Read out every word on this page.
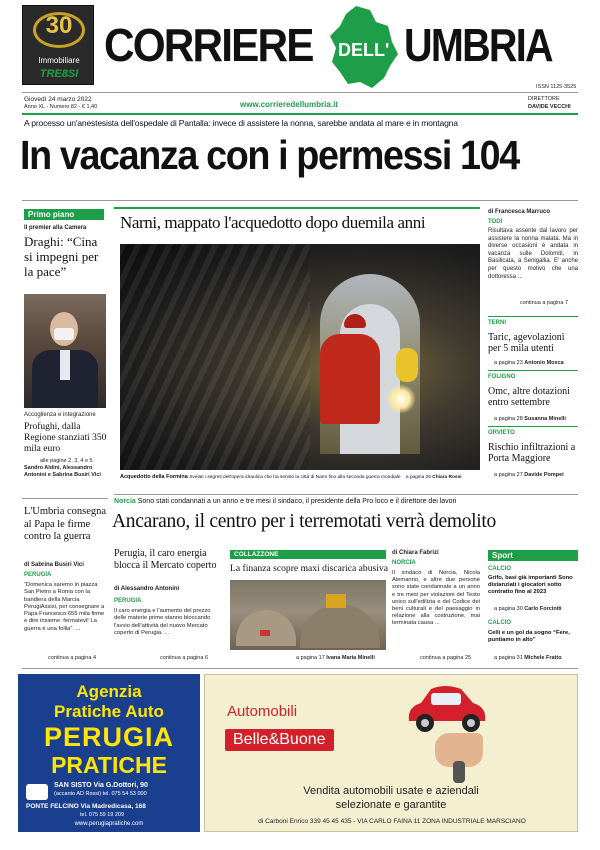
30
Immobiliare
TRE8SI
CORRIERE DELL' UMBRIA
ISSN 1125-3525
Giovedì 24 marzo 2022
Anno XL - Numero 82 - € 1,40	www.corrieredellumbria.it
DIRETTORE
DAVIDE VECCHI
A processo un'anestesista dell'ospedale di Pantalla: invece di assistere la nonna, sarebbe andata al mare e in montagna
In vacanza con i permessi 104
Primo piano
Il premier alla Camera
Draghi: “Cina si impegni per la pace”
Accoglienza e integrazione
Profughi, dalla Regione stanziati 350 mila euro
alle pagine 2, 3, 4 e 5
Sandro Aldini, Alessandro Antonini e Sabrina Busiri Vici
Narni, mappato l'acquedotto dopo duemila anni
Acquedotto della Formina Svelati i segreti dell'opera idraulica che ha servito la città di Narni fino alla seconda guerra mondiale a pagina 26 Chiara Rossi
di Francesca Marruco
TODI
Risultava assente dal lavoro per assistere la nonna malata. Ma in diverse occasioni è andata in vacanza sulle Dolomiti, in Basilicata, a Senigallia. E' anche per questo motivo che una dottoressa ...
continua a pagina 7
TERNI
Taric, agevolazioni per 5 mila utenti
a pagina 23 Antonio Mosca
FOLIGNO
Omc, altre dotazioni entro settembre
a pagina 28 Susanna Minelli
ORVIETO
Rischio infiltrazioni a Porta Maggiore
a pagina 27 Davide Pompei
Norcia Sono stati condannati a un anno e tre mesi il sindaco, il presidente della Pro loco e il direttore dei lavori
Ancarano, il centro per i terremotati verrà demolito
L'Umbria consegna al Papa le firme contro la guerra
di Sabrina Busiri Vici
PERUGIA
“Domenica saremo in piazza San Pietro a Roma con la bandiera della Marcia PerugiAssisi, per consegnare a Papa Francesco 655 mila firme e dire insieme: fermatevi! La guerra è una follia”. ...
continua a pagina 4
Perugia, il caro energia blocca il Mercato coperto
di Alessandro Antonini
PERUGIA
Il caro energia e l'aumento del prezzo delle materie prime stanno bloccando l'avvio dell'attività del nuovo Mercato coperto di Perugia. ...
continua a pagina 6
COLLAZZONE
La finanza scopre maxi discarica abusiva
a pagina 17 Ivana Maria Minelli
di Chiara Fabrizi
NORCIA
Il sindaco di Norcia, Nicola Alemanno, e altre due persone sono state condannate a un anno e tre mesi per violazioni del Testo unico sull'edilizia e del Codice dei beni culturali e del paesaggio in relazione alla costruzione, mai terminata causa ...
continua a pagina 25
Sport
CALCIO
Grifo, basi già importanti Sono distanziati i giocatori sotto contratto fino al 2023
a pagina 30 Carlo Forciniti
CALCIO
Celli e un gol da sogno “Fere, puntiamo in alto”
a pagina 31 Michele Fratto
Agenzia
Pratiche Auto
PERUGIA
PRATICHE
SAN SISTO Via G.Dottori, 90
(accanto AD Rossi) tel. 075 54 53 000
PONTE FELCINO Via Madredicasa, 168
tel. 075 59 19 209
www.perugiapratiche.com
Automobili
Belle&Buone
Vendita automobili usate e aziendali
selezionate e garantite
di Carboni Enrico 339 45 45 435 - VIA CARLO FAINA 11 ZONA INDUSTRIALE MARSCIANO
